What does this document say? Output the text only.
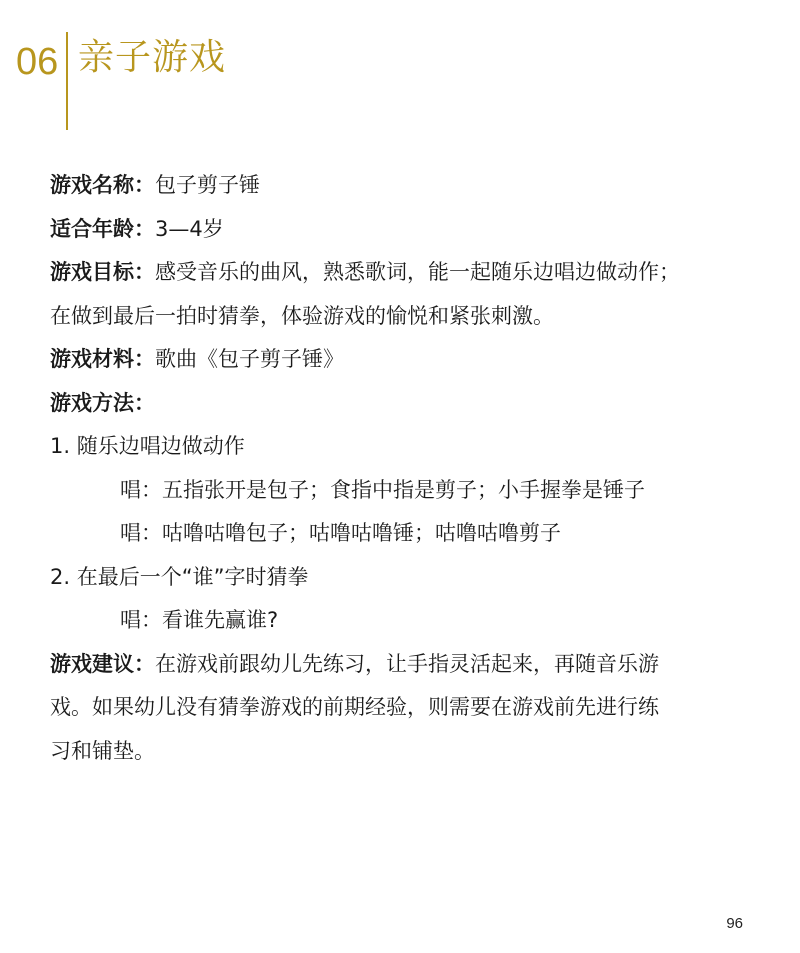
06 亲子游戏
游戏名称：包子剪子锤
适合年龄：3—4岁
游戏目标：感受音乐的曲风，熟悉歌词，能一起随乐边唱边做动作；
在做到最后一拍时猜拳，体验游戏的愉悦和紧张刺激。
游戏材料：歌曲《包子剪子锤》
游戏方法：
1. 随乐边唱边做动作
唱：五指张开是包子；食指中指是剪子；小手握拳是锤子
唱：咕噜咕噜包子；咕噜咕噜锤；咕噜咕噜剪子
2. 在最后一个“谁”字时猜拳
唱：看谁先赢谁?
游戏建议：在游戏前跟幼儿先练习，让手指灵活起来，再随音乐游
戏。如果幼儿没有猜拳游戏的前期经验，则需要在游戏前先进行练
习和铺垫。
96
